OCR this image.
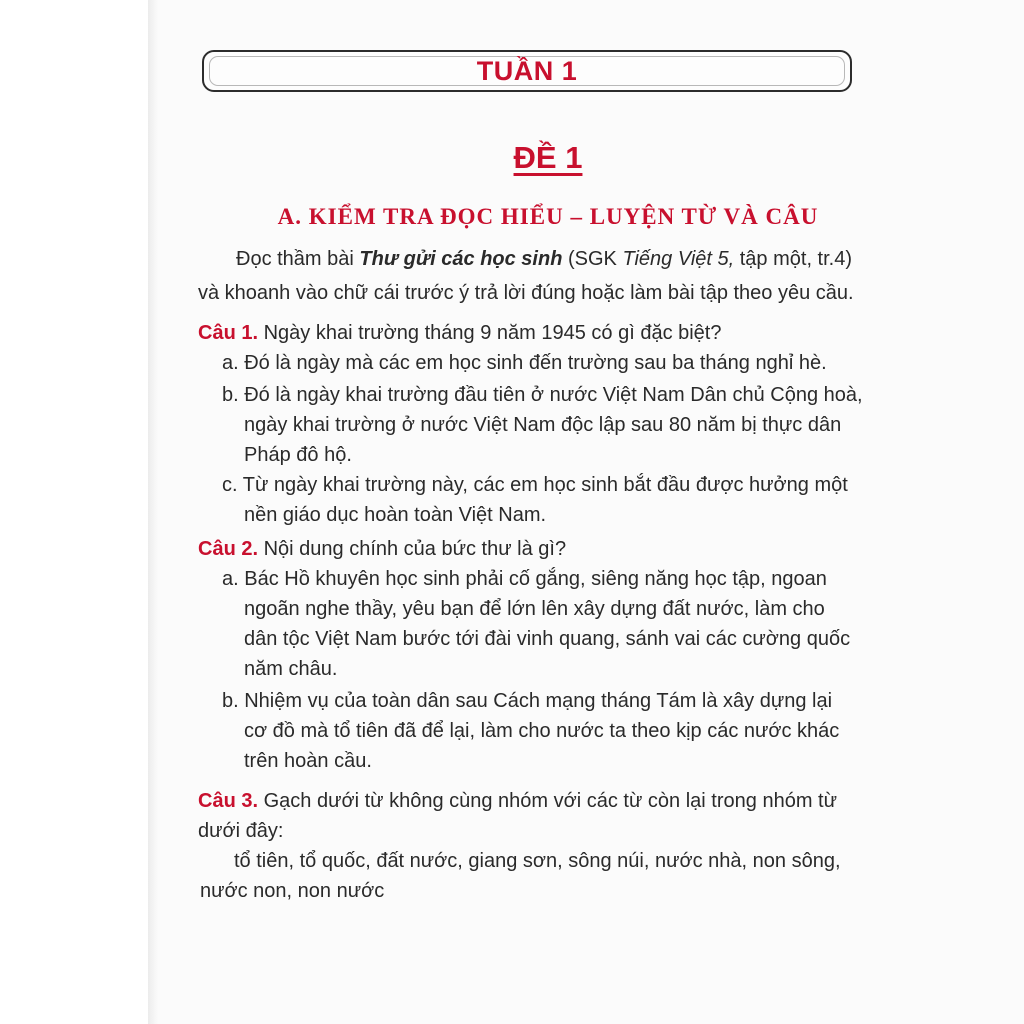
TUẦN 1
ĐỀ 1
A. KIỂM TRA ĐỌC HIỂU – LUYỆN TỪ VÀ CÂU
Đọc thầm bài Thư gửi các học sinh (SGK Tiếng Việt 5, tập một, tr.4)
và khoanh vào chữ cái trước ý trả lời đúng hoặc làm bài tập theo yêu cầu.
Câu 1. Ngày khai trường tháng 9 năm 1945 có gì đặc biệt?
a. Đó là ngày mà các em học sinh đến trường sau ba tháng nghỉ hè.
b. Đó là ngày khai trường đầu tiên ở nước Việt Nam Dân chủ Cộng hoà,
ngày khai trường ở nước Việt Nam độc lập sau 80 năm bị thực dân
Pháp đô hộ.
c. Từ ngày khai trường này, các em học sinh bắt đầu được hưởng một
nền giáo dục hoàn toàn Việt Nam.
Câu 2. Nội dung chính của bức thư là gì?
a. Bác Hồ khuyên học sinh phải cố gắng, siêng năng học tập, ngoan
ngoãn nghe thầy, yêu bạn để lớn lên xây dựng đất nước, làm cho
dân tộc Việt Nam bước tới đài vinh quang, sánh vai các cường quốc
năm châu.
b. Nhiệm vụ của toàn dân sau Cách mạng tháng Tám là xây dựng lại
cơ đồ mà tổ tiên đã để lại, làm cho nước ta theo kịp các nước khác
trên hoàn cầu.
Câu 3. Gạch dưới từ không cùng nhóm với các từ còn lại trong nhóm từ
dưới đây:
tổ tiên, tổ quốc, đất nước, giang sơn, sông núi, nước nhà, non sông,
nước non, non nước
